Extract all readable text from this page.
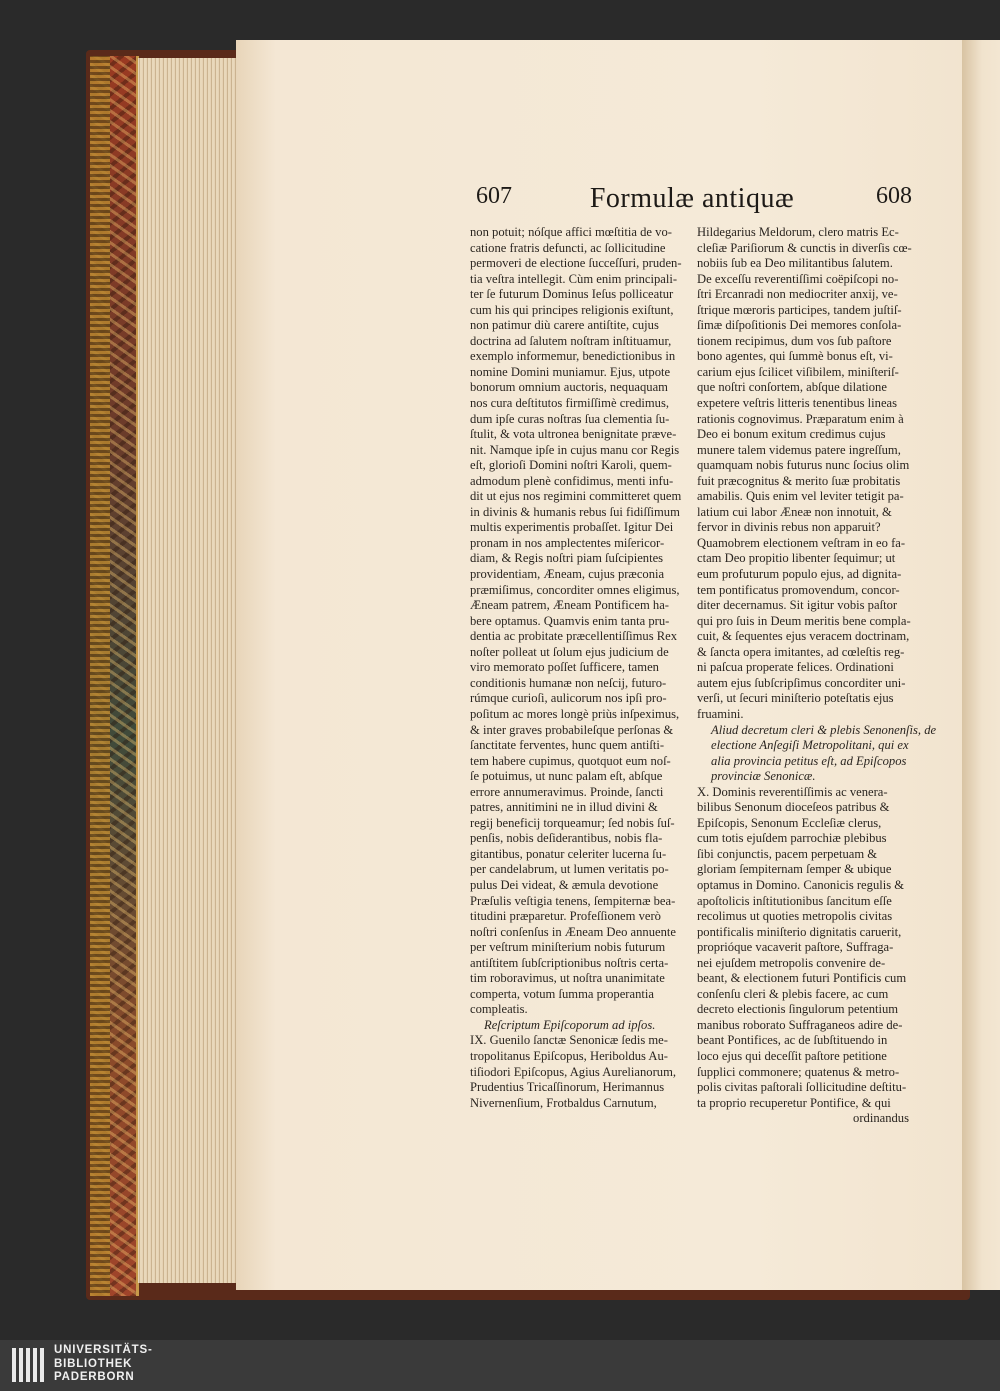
607	Formulæ antiquæ	608
non potuit; nóſque affici mœſtitia de vo-
catione fratris defuncti, ac ſollicitudine
permoveri de electione ſucceſſuri, pruden-
tia veſtra intellegit. Cùm enim principali-
ter ſe futurum Dominus Ieſus polliceatur
cum his qui principes religionis exiſtunt,
non patimur diù carere antiſtite, cujus
doctrina ad ſalutem noſtram inſtituamur,
exemplo informemur, benedictionibus in
nomine Domini muniamur. Ejus, utpote
bonorum omnium auctoris, nequaquam
nos cura deſtitutos firmiſſimè credimus,
dum ipſe curas noſtras ſua clementia ſu-
ſtulit, & vota ultronea benignitate præve-
nit. Namque ipſe in cujus manu cor Regis
eſt, glorioſi Domini noſtri Karoli, quem-
admodum plenè confidimus, menti infu-
dit ut ejus nos regimini committeret quem
in divinis & humanis rebus ſui fidiſſimum
multis experimentis probaſſet. Igitur Dei
pronam in nos amplectentes miſericor-
diam, & Regis noſtri piam ſuſcipientes
providentiam, Æneam, cujus præconia
præmiſimus, concorditer omnes eligimus,
Æneam patrem, Æneam Pontificem ha-
bere optamus. Quamvis enim tanta pru-
dentia ac probitate præcellentiſſimus Rex
noſter polleat ut ſolum ejus judicium de
viro memorato poſſet ſufficere, tamen
conditionis humanæ non neſcij, futuro-
rúmque curioſi, aulicorum nos ipſi pro-
poſitum ac mores longè priùs inſpeximus,
& inter graves probabileſque perſonas &
ſanctitate ferventes, hunc quem antiſti-
tem habere cupimus, quotquot eum noſ-
ſe potuimus, ut nunc palam eſt, abſque
errore annumeravimus. Proinde, ſancti
patres, annitimini ne in illud divini &
regij beneficij torqueamur; ſed nobis ſuſ-
penſis, nobis deſiderantibus, nobis fla-
gitantibus, ponatur celeriter lucerna ſu-
per candelabrum, ut lumen veritatis po-
pulus Dei videat, & æmula devotione
Præſulis veſtigia tenens, ſempiternæ bea-
titudini præparetur. Profeſſionem verò
noſtri conſenſus in Æneam Deo annuente
per veſtrum miniſterium nobis futurum
antiſtitem ſubſcriptionibus noſtris certa-
tim roboravimus, ut noſtra unanimitate
comperta, votum ſumma properantia
compleatis.
Reſcriptum Epiſcoporum ad ipſos.
IX. Guenilo ſanctæ Senonicæ ſedis me-
tropolitanus Epiſcopus, Heriboldus Au-
tiſiodori Epiſcopus, Agius Aurelianorum,
Prudentius Tricaſſinorum, Herimannus
Nivernenſium, Frotbaldus Carnutum,
Hildegarius Meldorum, clero matris Ec-
cleſiæ Pariſiorum & cunctis in diverſis cœ-
nobiis ſub ea Deo militantibus ſalutem.
De exceſſu reverentiſſimi coëpiſcopi no-
ſtri Ercanradi non mediocriter anxij, ve-
ſtrique mœroris participes, tandem juſtiſ-
ſimæ diſpoſitionis Dei memores conſola-
tionem recipimus, dum vos ſub paſtore
bono agentes, qui ſummè bonus eſt, vi-
carium ejus ſcilicet viſibilem, miniſteriſ-
que noſtri conſortem, abſque dilatione
expetere veſtris litteris tenentibus lineas
rationis cognovimus. Præparatum enim à
Deo ei bonum exitum credimus cujus
munere talem videmus patere ingreſſum,
quamquam nobis futurus nunc ſocius olim
fuit præcognitus & merito ſuæ probitatis
amabilis. Quis enim vel leviter tetigit pa-
latium cui labor Æneæ non innotuit, &
fervor in divinis rebus non apparuit?
Quamobrem electionem veſtram in eo fa-
ctam Deo propitio libenter ſequimur; ut
eum profuturum populo ejus, ad dignita-
tem pontificatus promovendum, concor-
diter decernamus. Sit igitur vobis paſtor
qui pro ſuis in Deum meritis bene compla-
cuit, & ſequentes ejus veracem doctrinam,
& ſancta opera imitantes, ad cœleſtis reg-
ni paſcua properate felices. Ordinationi
autem ejus ſubſcripſimus concorditer uni-
verſi, ut ſecuri miniſterio poteſtatis ejus
fruamini.
Aliud decretum cleri & plebis Senonenſis, de
electione Anſegiſi Metropolitani, qui ex
alia provincia petitus eſt, ad Epiſcopos
provinciæ Senonicæ.
X. Dominis reverentiſſimis ac venera-
bilibus Senonum dioceſeos patribus &
Epiſcopis, Senonum Eccleſiæ clerus,
cum totis ejuſdem parrochiæ plebibus
ſibi conjunctis, pacem perpetuam &
gloriam ſempiternam ſemper & ubique
optamus in Domino. Canonicis regulis &
apoſtolicis inſtitutionibus ſancitum eſſe
recolimus ut quoties metropolis civitas
pontificalis miniſterio dignitatis caruerit,
proprióque vacaverit paſtore, Suffraga-
nei ejuſdem metropolis convenire de-
beant, & electionem futuri Pontificis cum
conſenſu cleri & plebis facere, ac cum
decreto electionis ſingulorum petentium
manibus roborato Suffraganeos adire de-
beant Pontifices, ac de ſubſtituendo in
loco ejus qui deceſſit paſtore petitione
ſupplici commonere; quatenus & metro-
polis civitas paſtorali ſollicitudine deſtitu-
ta proprio recuperetur Pontifice, & qui
ordinandus
UNIVERSITÄTS-
BIBLIOTHEK
PADERBORN
